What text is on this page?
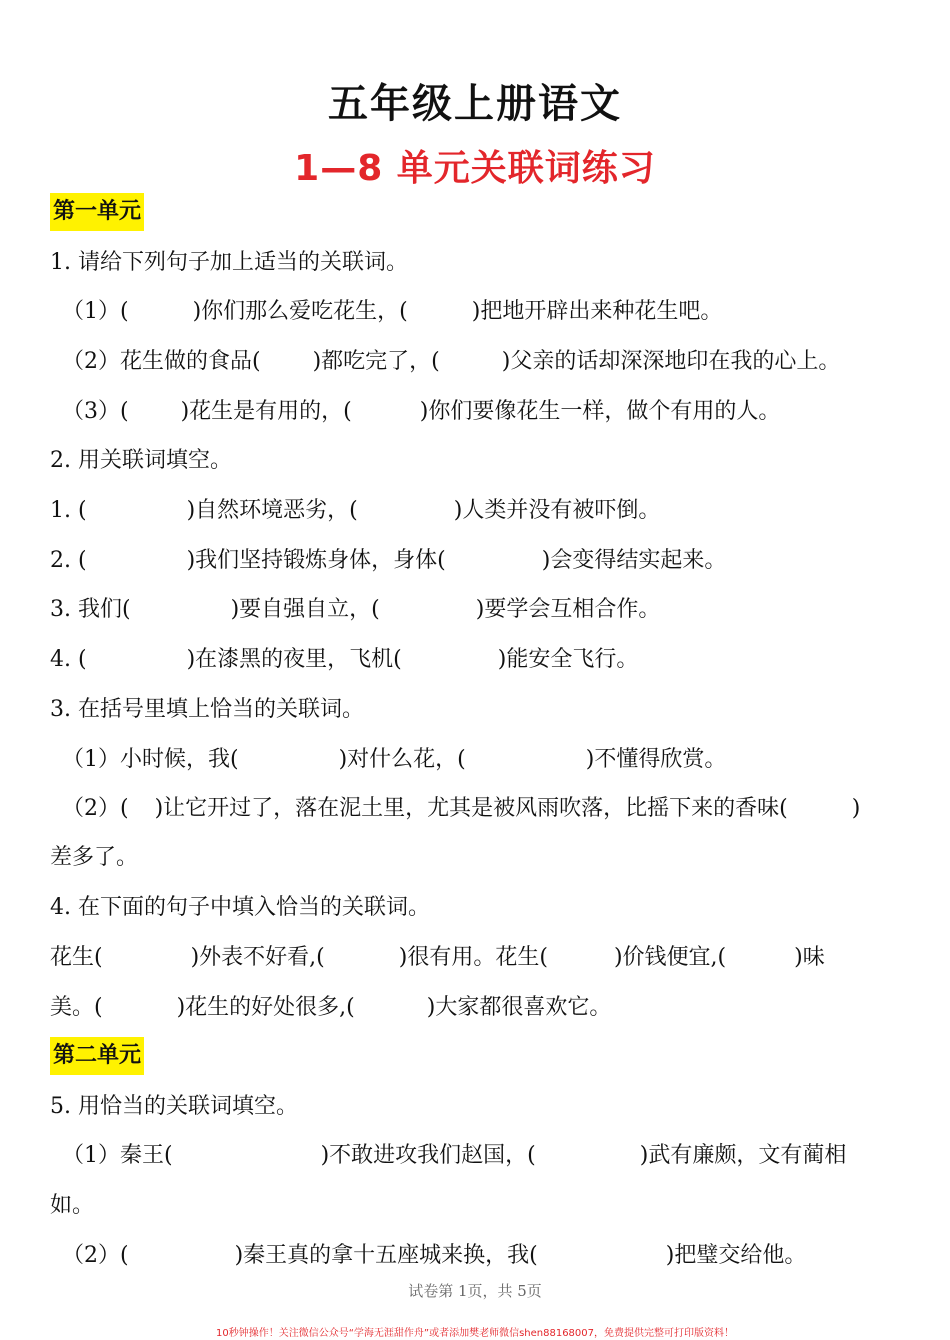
五年级上册语文
1—8 单元关联词练习
第一单元
1. 请给下列句子加上适当的关联词。
（1）(	)你们那么爱吃花生，(	)把地开辟出来种花生吧。
（2）花生做的食品( )都吃完了，(	)父亲的话却深深地印在我的心上。
（3）( )花生是有用的，(	)你们要像花生一样，做个有用的人。
2. 用关联词填空。
1. (	)自然环境恶劣，(	)人类并没有被吓倒。
2. (	)我们坚持锻炼身体，身体(	)会变得结实起来。
3. 我们(	)要自强自立，(	)要学会互相合作。
4. (	)在漆黑的夜里，飞机(	)能安全飞行。
3. 在括号里填上恰当的关联词。
（1）小时候，我(	)对什么花，(	)不懂得欣赏。
（2）( )让它开过了，落在泥土里，尤其是被风雨吹落，比摇下来的香味(	)
差多了。
4. 在下面的句子中填入恰当的关联词。
花生(	)外表不好看,(	)很有用。花生(	)价钱便宜,(	)味
美。(	)花生的好处很多,(	)大家都很喜欢它。
第二单元
5. 用恰当的关联词填空。
（1）秦王(	)不敢进攻我们赵国，(	)武有廉颇，文有蔺相
如。
（2）(	)秦王真的拿十五座城来换，我(	)把璧交给他。
试卷第 1页，共 5页
10秒钟操作！关注微信公众号“学海无涯甜作舟”或者添加樊老师微信shen88168007，免费提供完整可打印版资料！
